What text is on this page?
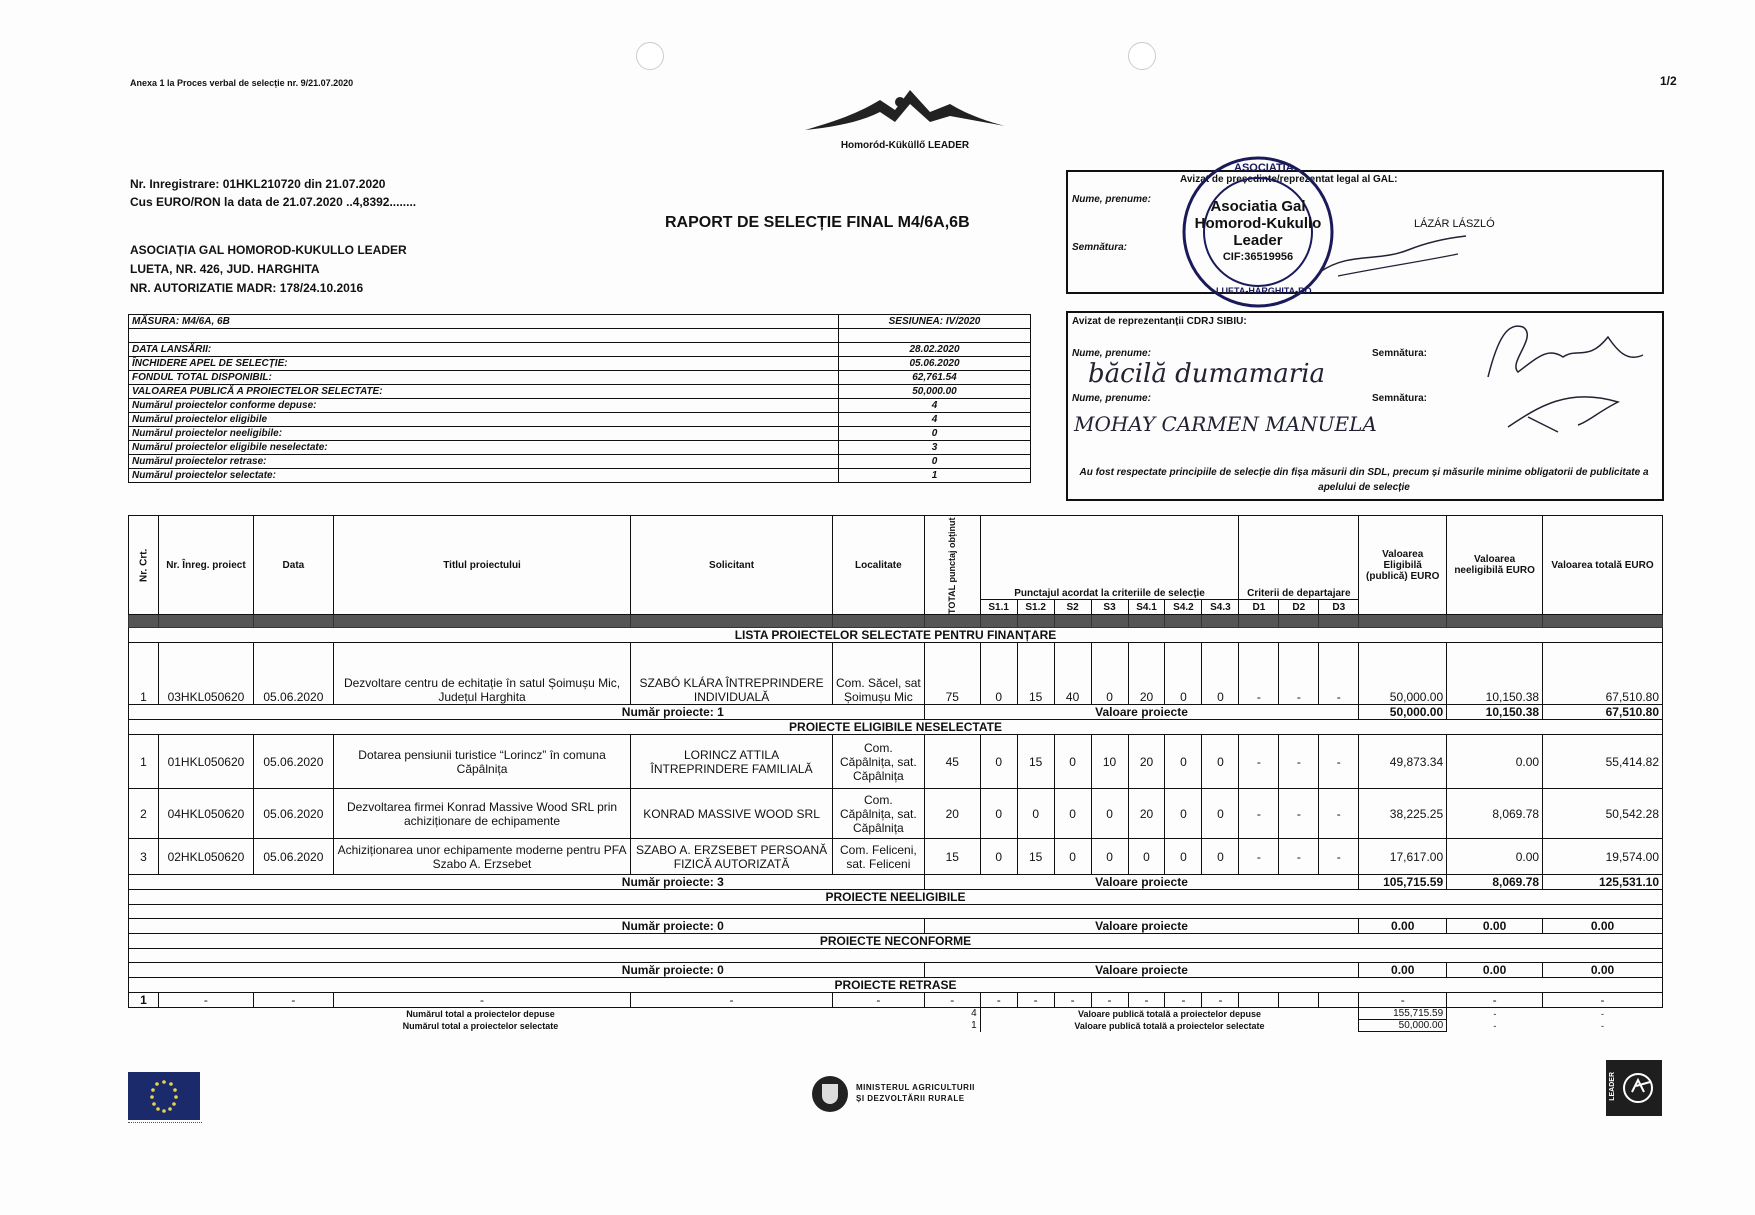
Anexa 1 la Proces verbal de selecție nr. 9/21.07.2020	1/2
Homoród-Küküllő LEADER
Nr. Inregistrare: 01HKL210720 din 21.07.2020
Cus EURO/RON la data de 21.07.2020 ..4,8392........
ASOCIAȚIA GAL HOMOROD-KUKULLO LEADER
LUETA, NR. 426, JUD. HARGHITA
NR. AUTORIZATIE MADR: 178/24.10.2016
RAPORT DE SELECȚIE FINAL M4/6A,6B
Avizat de președinte/reprezentat legal al GAL:
Nume, prenume:
LÁZÁR LÁSZLÓ
Semnătura:
ASOCIATIA
Asociatia Gal
Homorod-Kukullo
Leader
CIF:36519956
LUETA-HARGHITA-RO
Avizat de reprezentanții CDRJ SIBIU:
Nume, prenume:	Semnătura:
băcilă dumamaria
Nume, prenume:	Semnătura:
MOHAY CARMEN MANUELA
Au fost respectate principiile de selecție din fișa măsurii din SDL, precum și măsurile minime obligatorii de publicitate a apelului de selecție
MĂSURA: M4/6A, 6B	SESIUNEA: IV/2020

DATA LANSĂRII:	28.02.2020
ÎNCHIDERE APEL DE SELECȚIE:	05.06.2020
FONDUL TOTAL DISPONIBIL:	62,761.54
VALOAREA PUBLICĂ A PROIECTELOR SELECTATE:	50,000.00
Numărul proiectelor conforme depuse:	4
Numărul proiectelor eligibile	4
Numărul proiectelor neeligibile:	0
Numărul proiectelor eligibile neselectate:	3
Numărul proiectelor retrase:	0
Numărul proiectelor selectate:	1
Nr. Crt.	Nr. Înreg. proiect	Data	Titlul proiectului	Solicitant	Localitate	TOTAL punctaj obținut	Punctajul acordat la criteriile de selecție							Criterii de departajare			Valoarea Eligibilă (publică) EURO	Valoarea neeligibilă EURO	Valoarea totală EURO
							S1.1	S1.2	S2	S3	S4.1	S4.2	S4.3	D1	D2	D3			

LISTA PROIECTELOR SELECTATE PENTRU FINANȚARE																			
1	03HKL050620	05.06.2020	Dezvoltare centru de echitație în satul Șoimușu Mic, Județul Harghita	SZABÓ KLÁRA ÎNTREPRINDERE INDIVIDUALĂ	Com. Săcel, sat Șoimușu Mic	75	0	15	40	0	20	0	0	-	-	-	50,000.00	10,150.38	67,510.80
Număr proiecte: 1						Valoare proiecte											50,000.00	10,150.38	67,510.80
PROIECTE ELIGIBILE NESELECTATE																			
1	01HKL050620	05.06.2020	Dotarea pensiunii turistice “Lorincz” în comuna Căpâlnița	LORINCZ ATTILA ÎNTREPRINDERE FAMILIALĂ	Com. Căpâlnița, sat. Căpâlnița	45	0	15	0	10	20	0	0	-	-	-	49,873.34	0.00	55,414.82
2	04HKL050620	05.06.2020	Dezvoltarea firmei Konrad Massive Wood SRL prin achiziționare de echipamente	KONRAD MASSIVE WOOD SRL	Com. Căpâlnița, sat. Căpâlnița	20	0	0	0	0	20	0	0	-	-	-	38,225.25	8,069.78	50,542.28
3	02HKL050620	05.06.2020	Achiziționarea unor echipamente moderne pentru PFA Szabo A. Erzsebet	SZABO A. ERZSEBET PERSOANĂ FIZICĂ AUTORIZATĂ	Com. Feliceni, sat. Feliceni	15	0	15	0	0	0	0	0	-	-	-	17,617.00	0.00	19,574.00
Număr proiecte: 3						Valoare proiecte											105,715.59	8,069.78	125,531.10
PROIECTE NEELIGIBILE																			

Număr proiecte: 0						Valoare proiecte											0.00	0.00	0.00
PROIECTE NECONFORME																			

Număr proiecte: 0						Valoare proiecte											0.00	0.00	0.00
PROIECTE RETRASE																			
1	-	-	-	-	-	-	-	-	-	-	-	-	-				-	-	-
Numărul total a proiectelor depuse					4		Valoare publică totală a proiectelor depuse										155,715.59	-	-
Numărul total a proiectelor selectate					1		Valoare publică totală a proiectelor selectate										50,000.00	-	-
MINISTERUL AGRICULTURII
ȘI DEZVOLTĂRII RURALE	LEADER
